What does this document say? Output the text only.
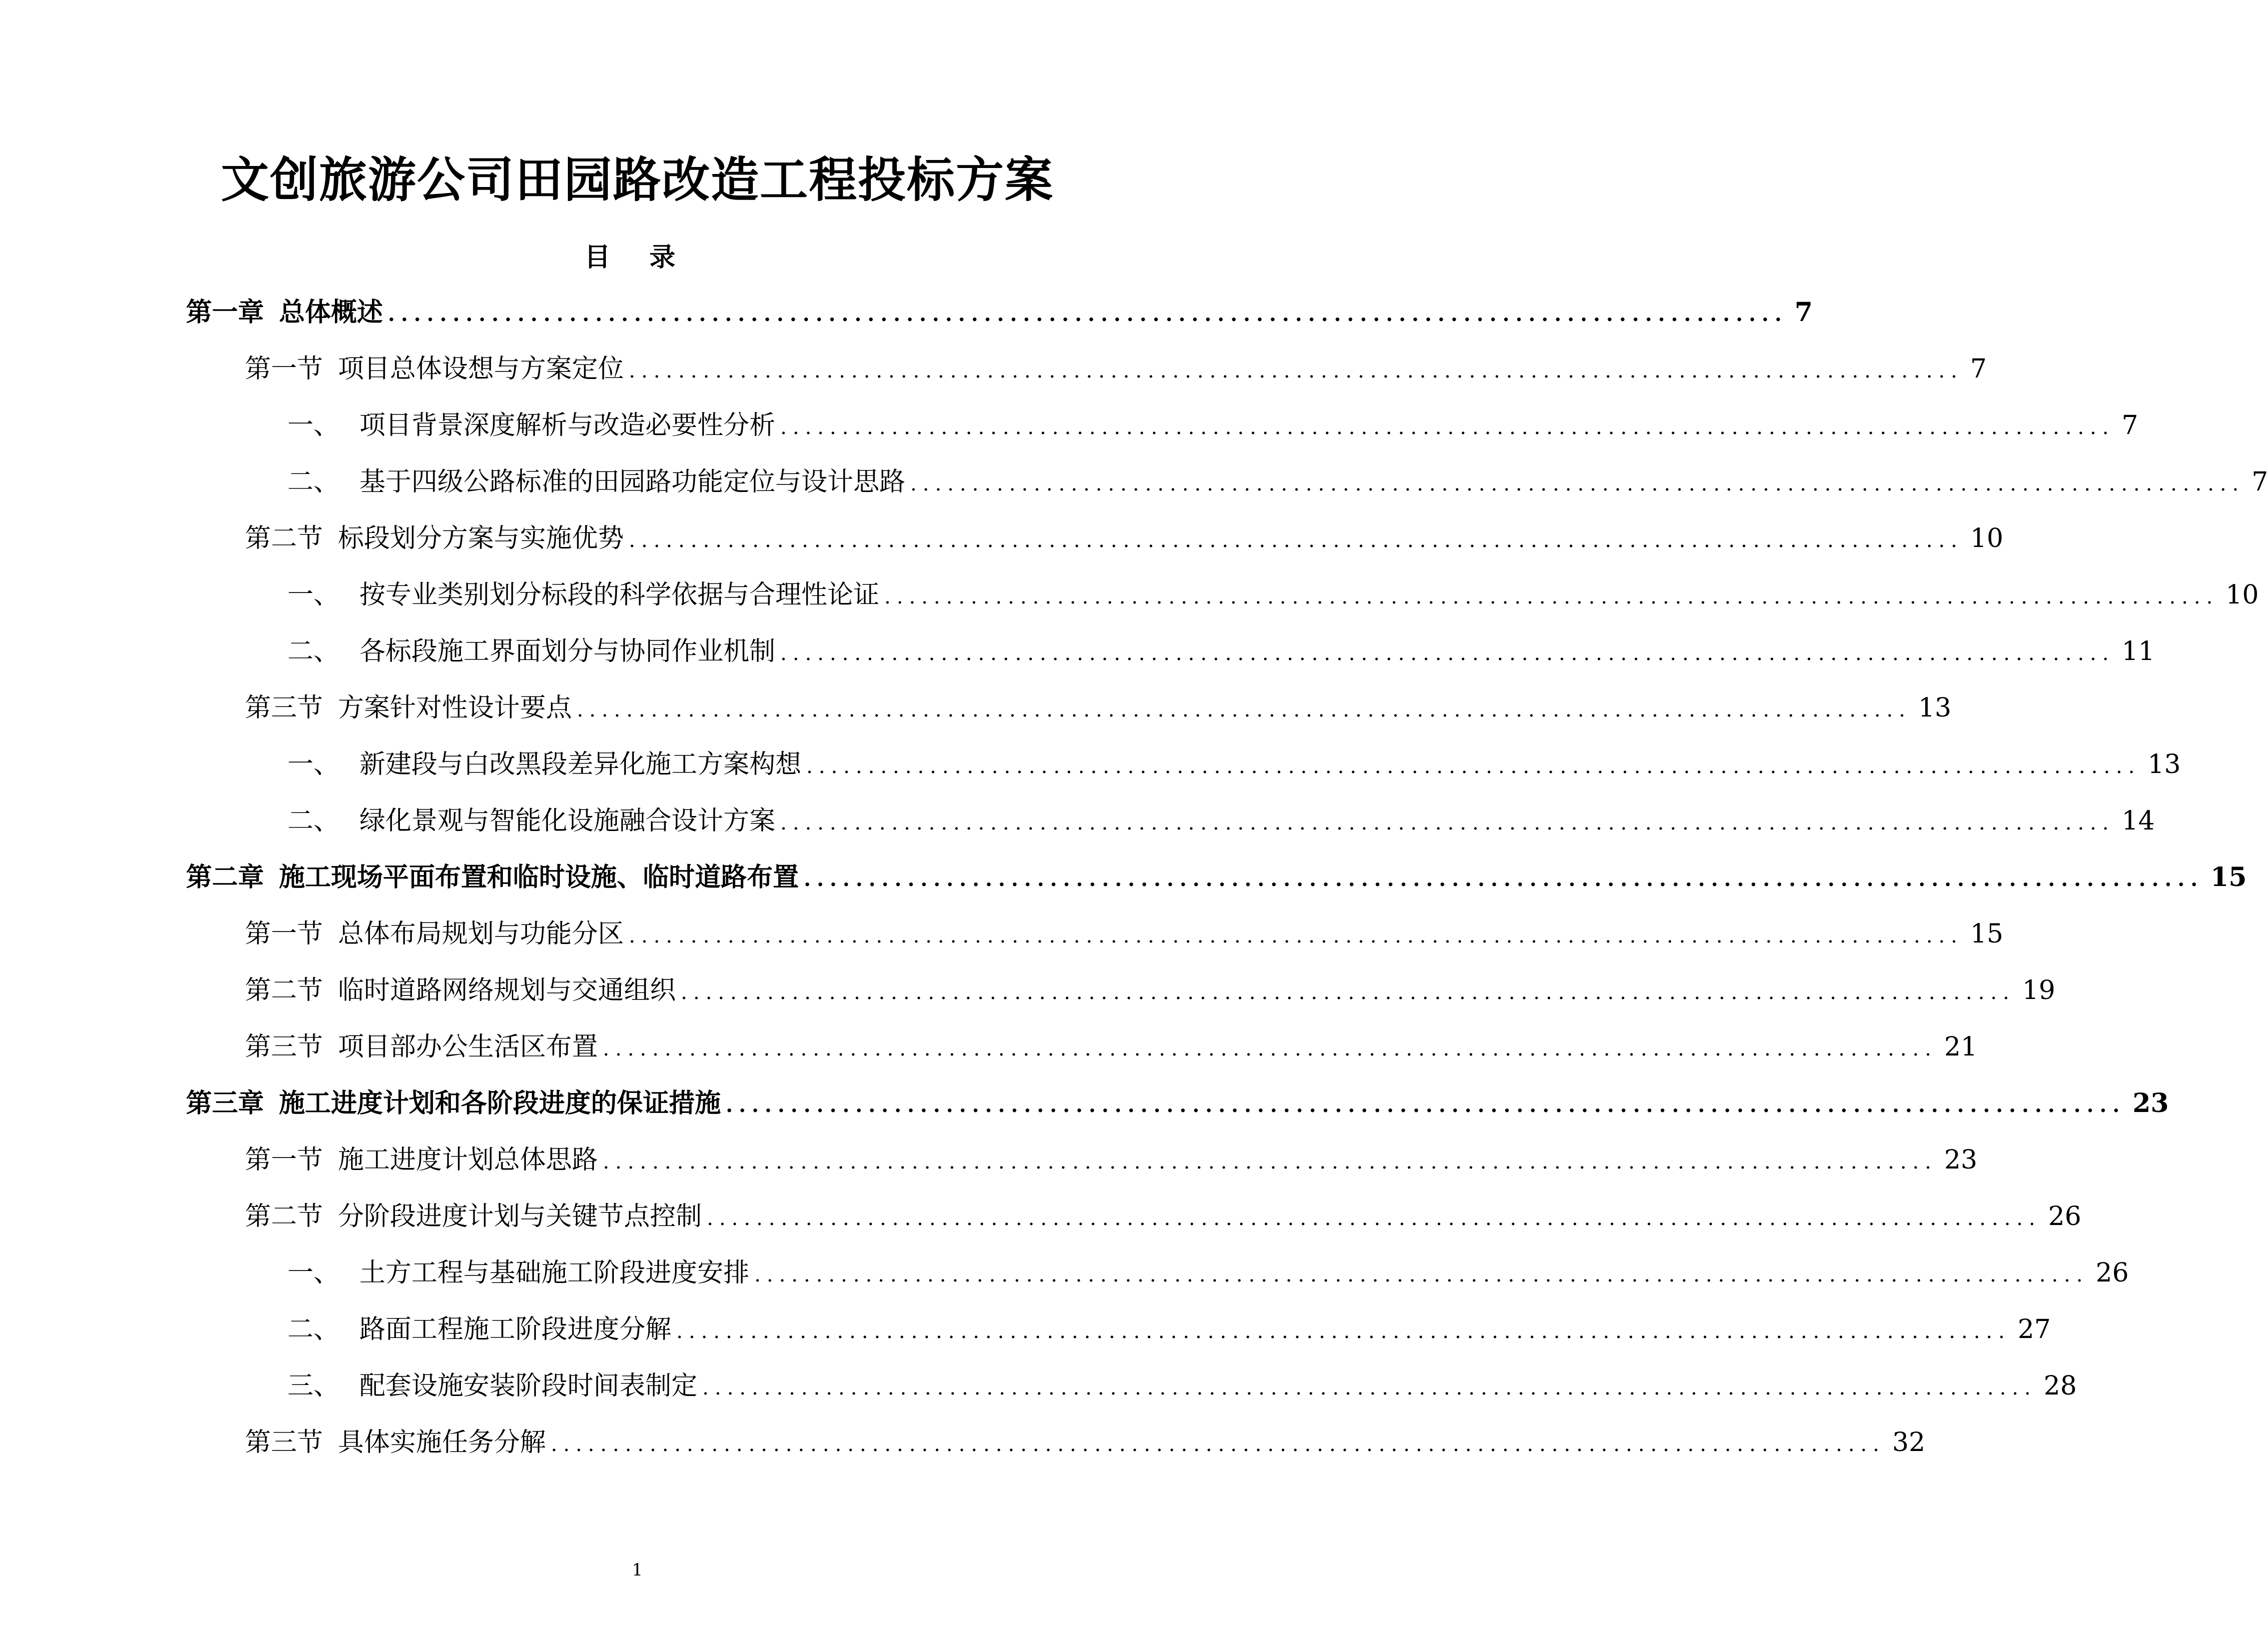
文创旅游公司田园路改造工程投标方案
目 录
第一章 总体概述 ............................................................................................................ 7
第一节 项目总体设想与方案定位 ............................................................................................................ 7
一、 项目背景深度解析与改造必要性分析 ............................................................................................................ 7
二、 基于四级公路标准的田园路功能定位与设计思路 ............................................................................................................ 7
第二节 标段划分方案与实施优势 ............................................................................................................ 10
一、 按专业类别划分标段的科学依据与合理性论证 ............................................................................................................ 10
二、 各标段施工界面划分与协同作业机制 ............................................................................................................ 11
第三节 方案针对性设计要点 ............................................................................................................ 13
一、 新建段与白改黑段差异化施工方案构想 ............................................................................................................ 13
二、 绿化景观与智能化设施融合设计方案 ............................................................................................................ 14
第二章 施工现场平面布置和临时设施、临时道路布置 ............................................................................................................ 15
第一节 总体布局规划与功能分区 ............................................................................................................ 15
第二节 临时道路网络规划与交通组织 ............................................................................................................ 19
第三节 项目部办公生活区布置 ............................................................................................................ 21
第三章 施工进度计划和各阶段进度的保证措施 ............................................................................................................ 23
第一节 施工进度计划总体思路 ............................................................................................................ 23
第二节 分阶段进度计划与关键节点控制 ............................................................................................................ 26
一、 土方工程与基础施工阶段进度安排 ............................................................................................................ 26
二、 路面工程施工阶段进度分解 ............................................................................................................ 27
三、 配套设施安装阶段时间表制定 ............................................................................................................ 28
第三节 具体实施任务分解 ............................................................................................................ 32
1
